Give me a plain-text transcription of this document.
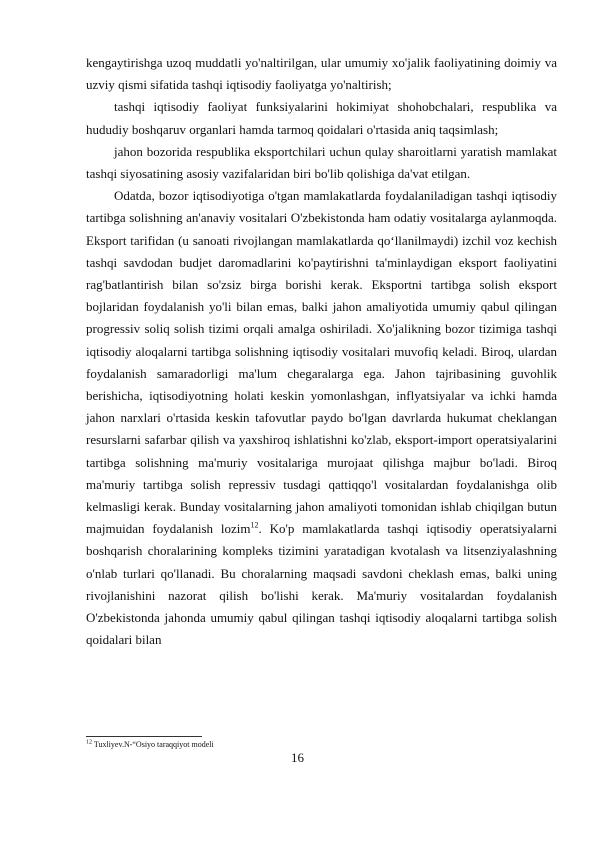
kengaytirishga uzoq muddatli yo'naltirilgan, ular umumiy xo'jalik faoliyatining doimiy va uzviy qismi sifatida tashqi iqtisodiy faoliyatga yo'naltirish;

tashqi iqtisodiy faoliyat funksiyalarini hokimiyat shohobchalari, respublika va hududiy boshqaruv organlari hamda tarmoq qoidalari o'rtasida aniq taqsimlash;

jahon bozorida respublika eksportchilari uchun qulay sharoitlarni yaratish mamlakat tashqi siyosatining asosiy vazifalaridan biri bo'lib qolishiga da'vat etilgan.

Odatda, bozor iqtisodiyotiga o'tgan mamlakatlarda foydalaniladigan tashqi iqtisodiy tartibga solishning an'anaviy vositalari O'zbekistonda ham odatiy vositalarga aylanmoqda. Eksport tarifidan (u sanoati rivojlangan mamlakatlarda qo‘llanilmaydi) izchil voz kechish tashqi savdodan budjet daromadlarini ko'paytirishni ta'minlaydigan eksport faoliyatini rag'batlantirish bilan so'zsiz birga borishi kerak. Eksportni tartibga solish eksport bojlaridan foydalanish yo'li bilan emas, balki jahon amaliyotida umumiy qabul qilingan progressiv soliq solish tizimi orqali amalga oshiriladi. Xo'jalikning bozor tizimiga tashqi iqtisodiy aloqalarni tartibga solishning iqtisodiy vositalari muvofiq keladi. Biroq, ulardan foydalanish samaradorligi ma'lum chegaralarga ega. Jahon tajribasining guvohlik berishicha, iqtisodiyotning holati keskin yomonlashgan, inflyatsiyalar va ichki hamda jahon narxlari o'rtasida keskin tafovutlar paydo bo'lgan davrlarda hukumat cheklangan resurslarni safarbar qilish va yaxshiroq ishlatishni ko'zlab, eksport-import operatsiyalarini tartibga solishning ma'muriy vositalariga murojaat qilishga majbur bo'ladi. Biroq ma'muriy tartibga solish repressiv tusdagi qattiqqo'l vositalardan foydalanishga olib kelmasligi kerak. Bunday vositalarning jahon amaliyoti tomonidan ishlab chiqilgan butun majmuidan foydalanish lozim$^{12}$. Ko'p mamlakatlarda tashqi iqtisodiy operatsiyalarni boshqarish choralarining kompleks tizimini yaratadigan kvotalash va litsenziyalashning o'nlab turlari qo'llanadi. Bu choralarning maqsadi savdoni cheklash emas, balki uning rivojlanishini nazorat qilish bo'lishi kerak. Ma'muriy vositalardan foydalanish O'zbekistonda jahonda umumiy qabul qilingan tashqi iqtisodiy aloqalarni tartibga solish qoidalari bilan

$^{12}$ Tuxliyev.N-“Osiyo taraqqiyot modeli

16
